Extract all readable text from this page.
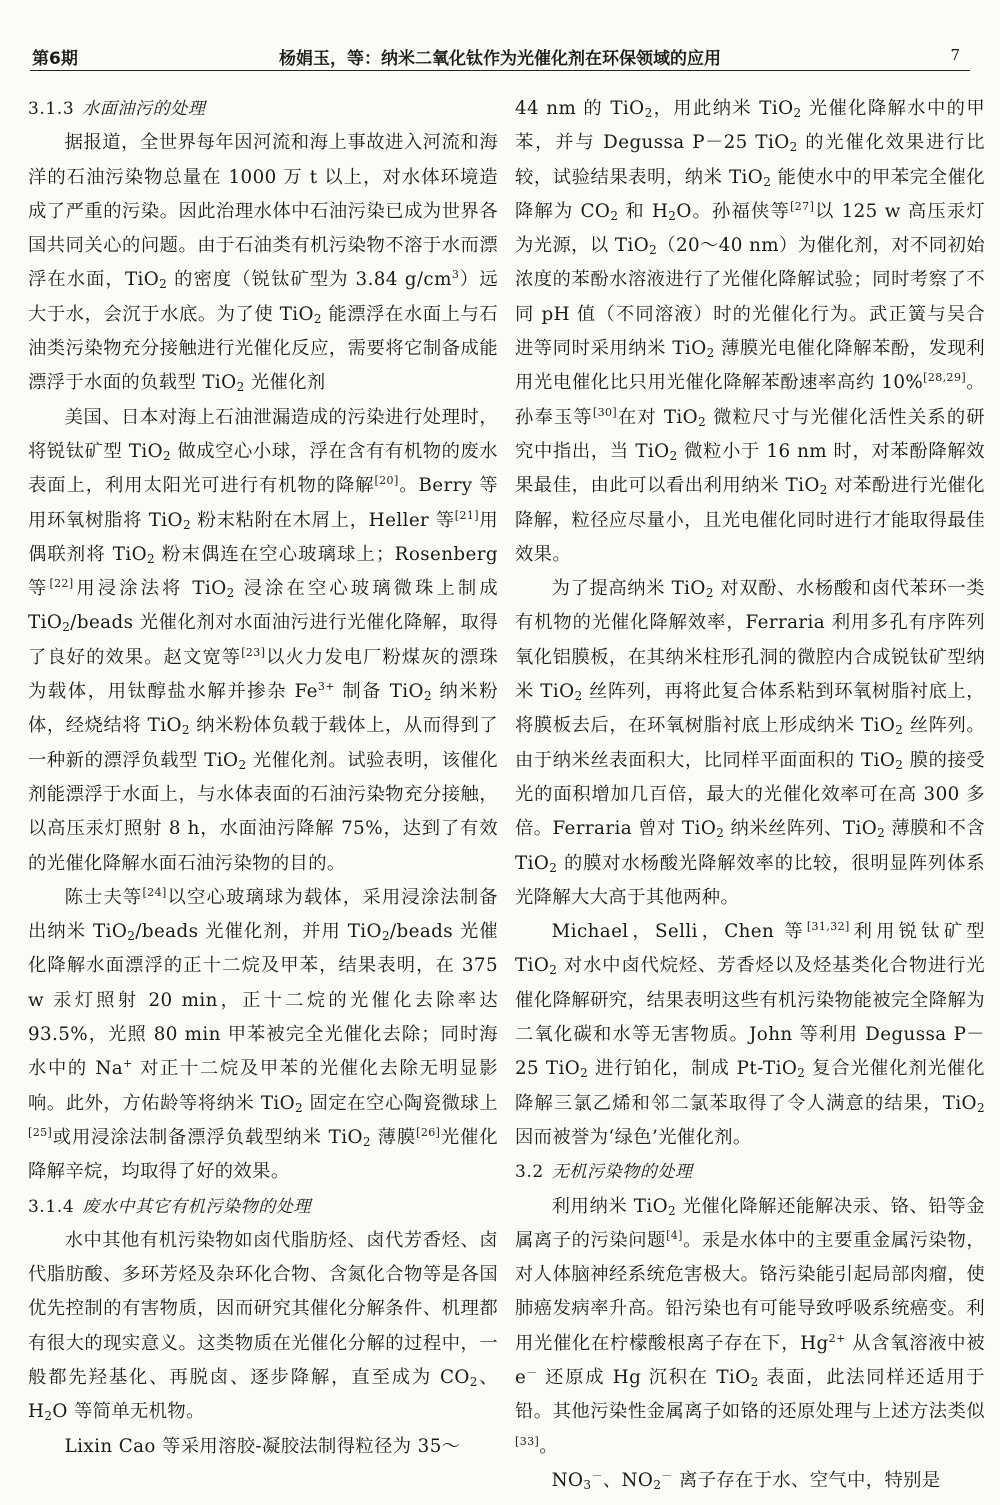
第6期	杨娟玉，等：纳米二氧化钛作为光催化剂在环保领域的应用	7
3.1.3 水面油污的处理

据报道，全世界每年因河流和海上事故进入河流和海洋的石油污染物总量在 1000 万 t 以上，对水体环境造成了严重的污染。因此治理水体中石油污染已成为世界各国共同关心的问题。由于石油类有机污染物不溶于水而漂浮在水面，TiO$_2$ 的密度（锐钛矿型为 3.84 $g/cm^3$）远大于水，会沉于水底。为了使 TiO$_2$ 能漂浮在水面上与石油类污染物充分接触进行光催化反应，需要将它制备成能漂浮于水面的负载型 TiO$_2$ 光催化剂

美国、日本对海上石油泄漏造成的污染进行处理时，将锐钛矿型 TiO$_2$ 做成空心小球，浮在含有有机物的废水表面上，利用太阳光可进行有机物的降解[20]。Berry 等用环氧树脂将 TiO$_2$ 粉末粘附在木屑上，Heller 等[21]用偶联剂将 TiO$_2$ 粉末偶连在空心玻璃球上；Rosenberg 等[22]用浸涂法将 TiO$_2$ 浸涂在空心玻璃微珠上制成 TiO$_2$/beads 光催化剂对水面油污进行光催化降解，取得了良好的效果。赵文宽等[23]以火力发电厂粉煤灰的漂珠为载体，用钛醇盐水解并掺杂 $Fe^{3+}$ 制备 TiO$_2$ 纳米粉体，经烧结将 TiO$_2$ 纳米粉体负载于载体上，从而得到了一种新的漂浮负载型 TiO$_2$ 光催化剂。试验表明，该催化剂能漂浮于水面上，与水体表面的石油污染物充分接触，以高压汞灯照射 8 h，水面油污降解 75%，达到了有效的光催化降解水面石油污染物的目的。

陈士夫等[24]以空心玻璃球为载体，采用浸涂法制备出纳米 TiO$_2$/beads 光催化剂，并用 TiO$_2$/beads 光催化降解水面漂浮的正十二烷及甲苯，结果表明，在 375 w 汞灯照射 20 min，正十二烷的光催化去除率达 93.5%，光照 80 min 甲苯被完全光催化去除；同时海水中的 Na+ 对正十二烷及甲苯的光催化去除无明显影响。此外，方佑龄等将纳米 TiO$_2$ 固定在空心陶瓷微球上[25]或用浸涂法制备漂浮负载型纳米 TiO$_2$ 薄膜[26]光催化降解辛烷，均取得了好的效果。

3.1.4 废水中其它有机污染物的处理

水中其他有机污染物如卤代脂肪烃、卤代芳香烃、卤代脂肪酸、多环芳烃及杂环化合物、含氮化合物等是各国优先控制的有害物质，因而研究其催化分解条件、机理都有很大的现实意义。这类物质在光催化分解的过程中，一般都先羟基化、再脱卤、逐步降解，直至成为 $CO_2$、$H_2O$ 等简单无机物。

Lixin Cao 等采用溶胶-凝胶法制得粒径为 35～

44 nm 的 TiO$_2$，用此纳米 TiO$_2$ 光催化降解水中的甲苯，并与 Degussa P－25 TiO$_2$ 的光催化效果进行比较，试验结果表明，纳米 TiO$_2$ 能使水中的甲苯完全催化降解为 $CO_2$ 和 $H_2O$。孙福侠等[27]以 125 w 高压汞灯为光源，以 TiO$_2$（20～40 nm）为催化剂，对不同初始浓度的苯酚水溶液进行了光催化降解试验；同时考察了不同 pH 值（不同溶液）时的光催化行为。武正簧与吴合进等同时采用纳米 TiO$_2$ 薄膜光电催化降解苯酚，发现利用光电催化比只用光催化降解苯酚速率高约 10%[28,29]。孙奉玉等[30]在对 TiO$_2$ 微粒尺寸与光催化活性关系的研究中指出，当 TiO$_2$ 微粒小于 16 nm 时，对苯酚降解效果最佳，由此可以看出利用纳米 TiO$_2$ 对苯酚进行光催化降解，粒径应尽量小，且光电催化同时进行才能取得最佳效果。

为了提高纳米 TiO$_2$ 对双酚、水杨酸和卤代苯环一类有机物的光催化降解效率，Ferraria 利用多孔有序阵列氧化铝膜板，在其纳米柱形孔洞的微腔内合成锐钛矿型纳米 TiO$_2$ 丝阵列，再将此复合体系粘到环氧树脂衬底上，将膜板去后，在环氧树脂衬底上形成纳米 TiO$_2$ 丝阵列。由于纳米丝表面积大，比同样平面面积的 TiO$_2$ 膜的接受光的面积增加几百倍，最大的光催化效率可在高 300 多倍。Ferraria 曾对 TiO$_2$ 纳米丝阵列、TiO$_2$ 薄膜和不含 TiO$_2$ 的膜对水杨酸光降解效率的比较，很明显阵列体系光降解大大高于其他两种。

Michael，Selli，Chen 等[31,32]利用锐钛矿型 TiO$_2$ 对水中卤代烷烃、芳香烃以及烃基类化合物进行光催化降解研究，结果表明这些有机污染物能被完全降解为二氧化碳和水等无害物质。John 等利用 Degussa P－25 TiO$_2$ 进行铂化，制成 Pt-TiO$_2$ 复合光催化剂光催化降解三氯乙烯和邻二氯苯取得了令人满意的结果，TiO$_2$ 因而被誉为‘绿色’光催化剂。

3.2 无机污染物的处理

利用纳米 TiO$_2$ 光催化降解还能解决汞、铬、铅等金属离子的污染问题[4]。汞是水体中的主要重金属污染物，对人体脑神经系统危害极大。铬污染能引起局部肉瘤，使肺癌发病率升高。铅污染也有可能导致呼吸系统癌变。利用光催化在柠檬酸根离子存在下，$Hg^{2+}$ 从含氧溶液中被 e－ 还原成 Hg 沉积在 TiO$_2$ 表面，此法同样还适用于铅。其他污染性金属离子如铬的还原处理与上述方法类似[33]。

$NO_3^-$、$NO_2^-$ 离子存在于水、空气中，特别是
